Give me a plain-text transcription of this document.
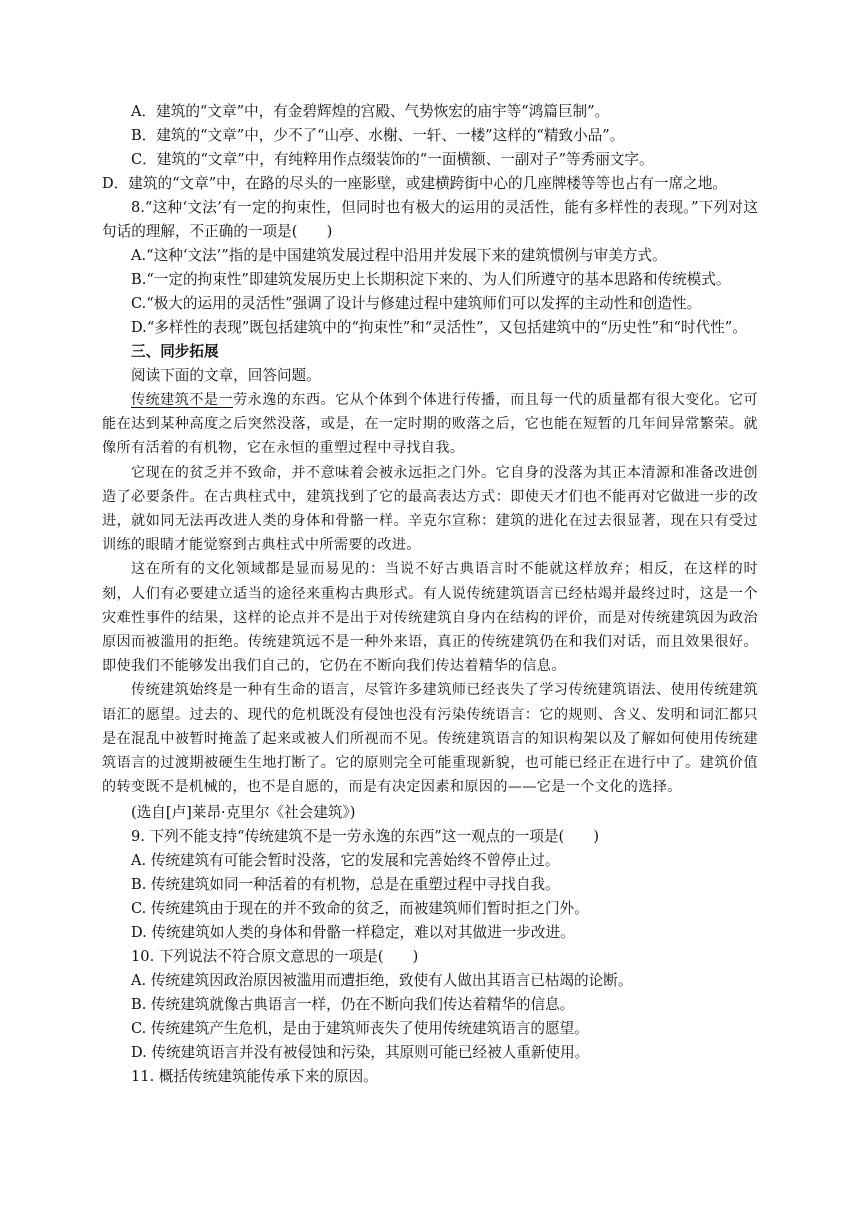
A．建筑的“文章”中，有金碧辉煌的宫殿、气势恢宏的庙宇等“鸿篇巨制”。
B．建筑的“文章”中，少不了“山亭、水榭、一轩、一楼”这样的“精致小品”。
C．建筑的“文章”中，有纯粹用作点缀装饰的“一面横额、一副对子”等秀丽文字。
D．建筑的“文章”中，在路的尽头的一座影壁，或建横跨街中心的几座牌楼等等也占有一席之地。
8.“这种‘文法’有一定的拘束性，但同时也有极大的运用的灵活性，能有多样性的表现。”下列对这句话的理解，不正确的一项是(　　)
A.“这种‘文法’”指的是中国建筑发展过程中沿用并发展下来的建筑惯例与审美方式。
B.“一定的拘束性”即建筑发展历史上长期积淀下来的、为人们所遵守的基本思路和传统模式。
C.“极大的运用的灵活性”强调了设计与修建过程中建筑师们可以发挥的主动性和创造性。
D.“多样性的表现”既包括建筑中的“拘束性”和“灵活性”，又包括建筑中的“历史性”和“时代性”。
三、同步拓展
阅读下面的文章，回答问题。

传统建筑不是一劳永逸的东西。它从个体到个体进行传播，而且每一代的质量都有很大变化。它可能在达到某种高度之后突然没落，或是，在一定时期的败落之后，它也能在短暂的几年间异常繁荣。就像所有活着的有机物，它在永恒的重塑过程中寻找自我。

它现在的贫乏并不致命，并不意味着会被永远拒之门外。它自身的没落为其正本清源和准备改进创造了必要条件。在古典柱式中，建筑找到了它的最高表达方式：即使天才们也不能再对它做进一步的改进，就如同无法再改进人类的身体和骨骼一样。辛克尔宣称：建筑的进化在过去很显著，现在只有受过训练的眼睛才能觉察到古典柱式中所需要的改进。

这在所有的文化领域都是显而易见的：当说不好古典语言时不能就这样放弃；相反，在这样的时刻，人们有必要建立适当的途径来重构古典形式。有人说传统建筑语言已经枯竭并最终过时，这是一个灾难性事件的结果，这样的论点并不是出于对传统建筑自身内在结构的评价，而是对传统建筑因为政治原因而被滥用的拒绝。传统建筑远不是一种外来语，真正的传统建筑仍在和我们对话，而且效果很好。即使我们不能够发出我们自己的，它仍在不断向我们传达着精华的信息。

传统建筑始终是一种有生命的语言，尽管许多建筑师已经丧失了学习传统建筑语法、使用传统建筑语汇的愿望。过去的、现代的危机既没有侵蚀也没有污染传统语言：它的规则、含义、发明和词汇都只是在混乱中被暂时掩盖了起来或被人们所视而不见。传统建筑语言的知识构架以及了解如何使用传统建筑语言的过渡期被硬生生地打断了。它的原则完全可能重现新貌，也可能已经正在进行中了。建筑价值的转变既不是机械的，也不是自愿的，而是有决定因素和原因的——它是一个文化的选择。

(选自[卢]莱昂·克里尔《社会建筑》)
9. 下列不能支持“传统建筑不是一劳永逸的东西”这一观点的一项是(　　)
A. 传统建筑有可能会暂时没落，它的发展和完善始终不曾停止过。
B. 传统建筑如同一种活着的有机物，总是在重塑过程中寻找自我。
C. 传统建筑由于现在的并不致命的贫乏，而被建筑师们暂时拒之门外。
D. 传统建筑如人类的身体和骨骼一样稳定，难以对其做进一步改进。
10. 下列说法不符合原文意思的一项是(　　)
A. 传统建筑因政治原因被滥用而遭拒绝，致使有人做出其语言已枯竭的论断。
B. 传统建筑就像古典语言一样，仍在不断向我们传达着精华的信息。
C. 传统建筑产生危机，是由于建筑师丧失了使用传统建筑语言的愿望。
D. 传统建筑语言并没有被侵蚀和污染，其原则可能已经被人重新使用。
11. 概括传统建筑能传承下来的原因。
